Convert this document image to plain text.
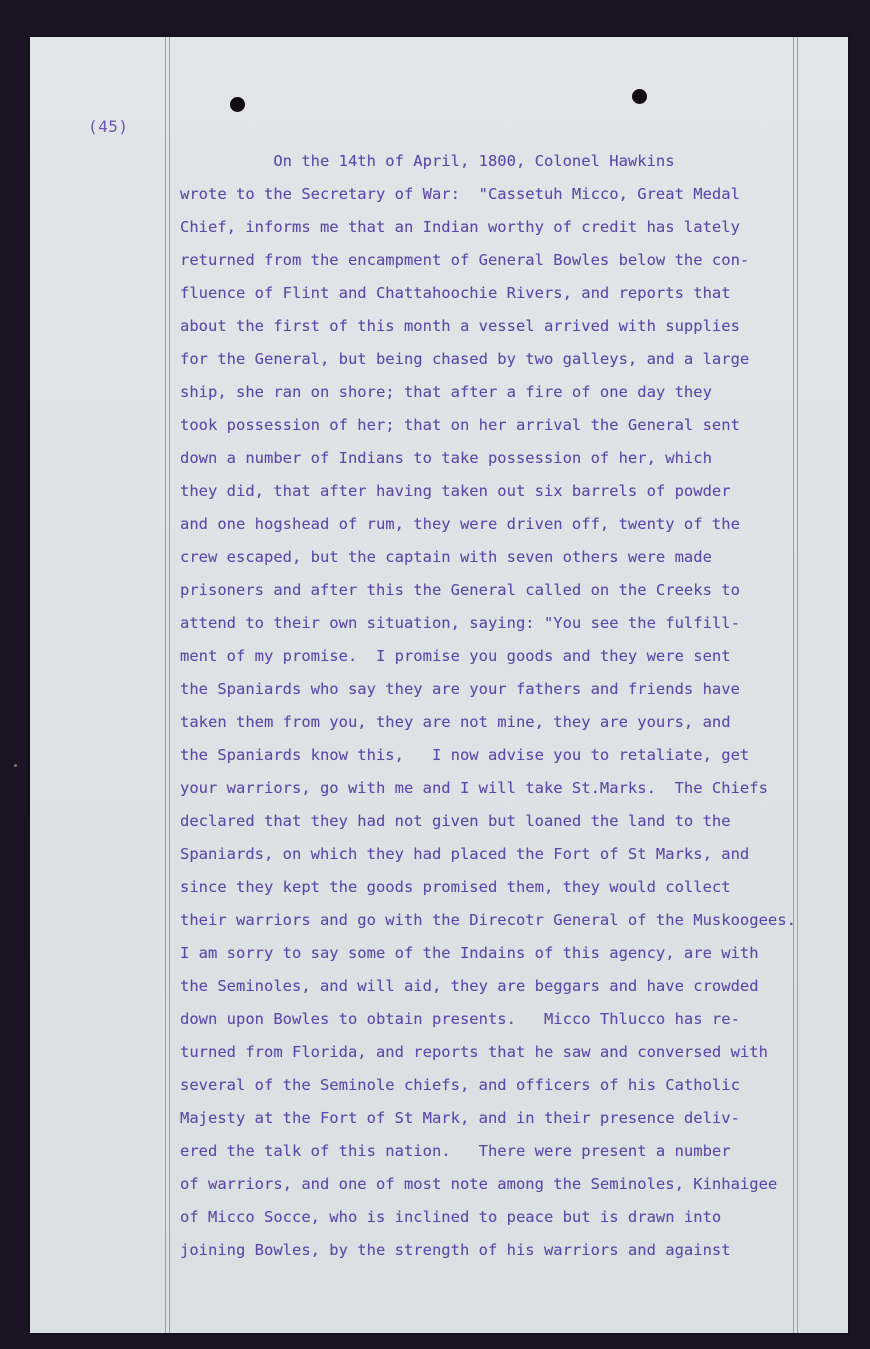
(45)
On the 14th of April, 1800, Colonel Hawkins
wrote to the Secretary of War:  "Cassetuh Micco, Great Medal
Chief, informs me that an Indian worthy of credit has lately
returned from the encampment of General Bowles below the con-
fluence of Flint and Chattahoochie Rivers, and reports that
about the first of this month a vessel arrived with supplies
for the General, but being chased by two galleys, and a large
ship, she ran on shore; that after a fire of one day they
took possession of her; that on her arrival the General sent
down a number of Indians to take possession of her, which
they did, that after having taken out six barrels of powder
and one hogshead of rum, they were driven off, twenty of the
crew escaped, but the captain with seven others were made
prisoners and after this the General called on the Creeks to
attend to their own situation, saying: "You see the fulfill-
ment of my promise.  I promise you goods and they were sent
the Spaniards who say they are your fathers and friends have
taken them from you, they are not mine, they are yours, and
the Spaniards know this,   I now advise you to retaliate, get
your warriors, go with me and I will take St.Marks.  The Chiefs
declared that they had not given but loaned the land to the
Spaniards, on which they had placed the Fort of St Marks, and
since they kept the goods promised them, they would collect
their warriors and go with the Direcotr General of the Muskoogees.
I am sorry to say some of the Indains of this agency, are with
the Seminoles, and will aid, they are beggars and have crowded
down upon Bowles to obtain presents.   Micco Thlucco has re-
turned from Florida, and reports that he saw and conversed with
several of the Seminole chiefs, and officers of his Catholic
Majesty at the Fort of St Mark, and in their presence deliv-
ered the talk of this nation.   There were present a number
of warriors, and one of most note among the Seminoles, Kinhaigee
of Micco Socce, who is inclined to peace but is drawn into
joining Bowles, by the strength of his warriors and against
